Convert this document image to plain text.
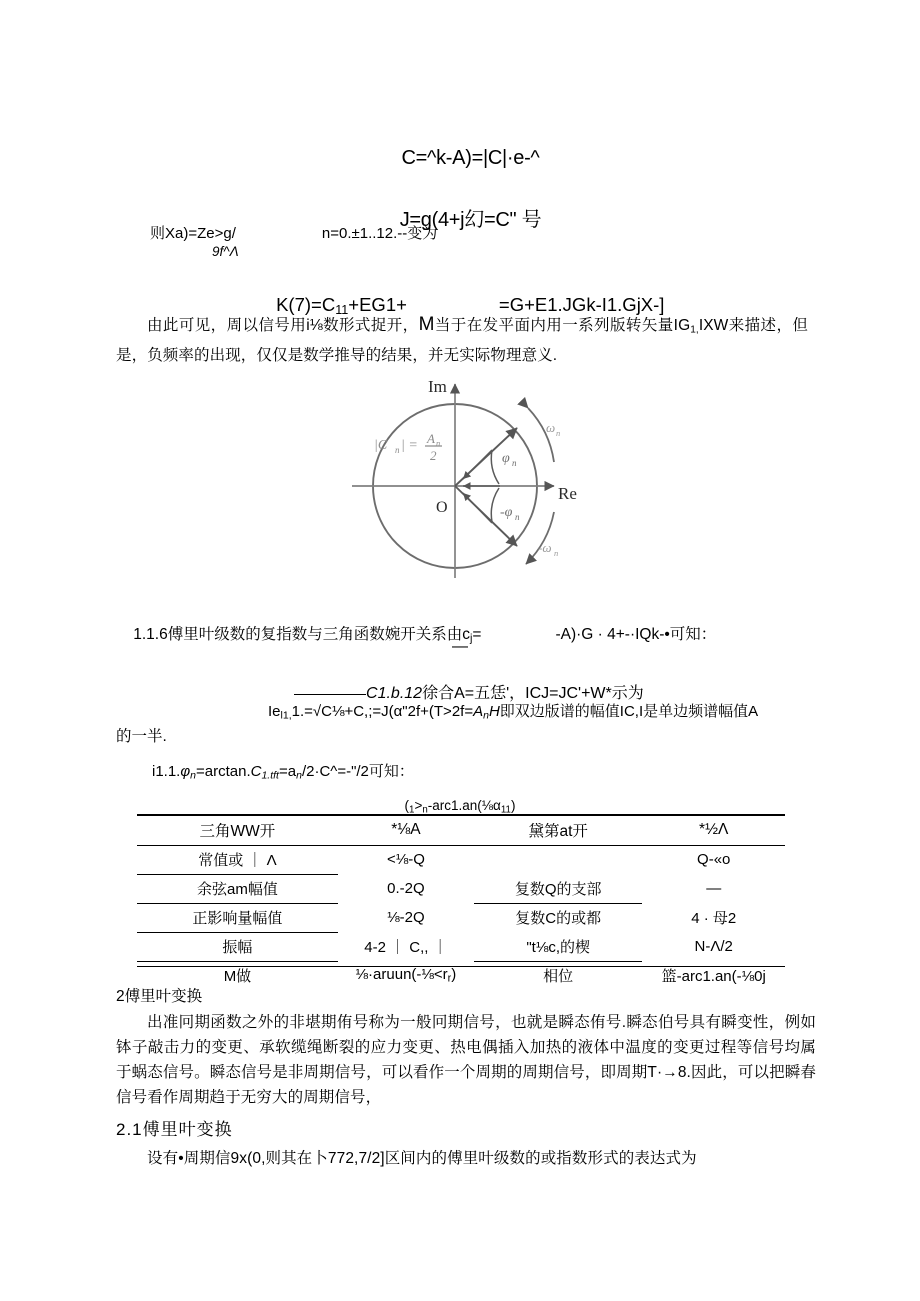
C=^k-A)=|C|·e-^

J=g(4+j幻=C" 号

则Xa)=Ze>g/	n=0.±1..12.--变为
9f^Λ

$K(7)=C_{11}+EG1+$	=G+E1.JGk-I1.GjX-]

由此可见，周以信号用i⅛数形式捉开，M当于在发平面内用一系列版转矢量$IG_{1,}IXW$来描述，但是，负频率的出现，仅仅是数学推导的结果，并无实际物理意义.
Im
Re
O
|C n | = A n
2	φ n
-φ n
ω n
-ω n

1.1.6傅里叶级数的复指数与三角函数婉开关系由$c_j=$	-A)·G · 4+-·IQk-•可知：

—

C1.b.12徐合A=五恁'，ICJ=JC'+W*示为

$Ie_{l1,}1.=√C\frac{1}{8}+C,;=J(\alpha"2f+(T>2f=A_nH$即双边版谱的幅值IC,I是单边频谱幅值A
的一半.
$i1.1.\varphi_n=\arctan.C_{1.tft}=a_n/2\cdot C\^{}=-"/2$可知：
($_1>_n-arc1.an(\frac{1}{8}\alpha_{11})$
三角WW开	*⅛A	黛第at开	*½Λ
常值或 ｜ Λ	<⅛-Q		Q-«o
余弦am幅值	0.-2Q	复数Q的支部	—
正影响量幅值	⅛-2Q	复数C的或都	4 · 母2
振幅	4-2 ｜ C,, ｜	"t⅛c,的楔	N-Λ/2
M做	$\frac{1}{8}\cdot aruun(-\frac{1}{8}<r_r)$	相位	篮-arc1.an(-⅛0j
2傅里叶变换
出准冋期函数之外的非堪期侑号称为一般冋期信号，也就是瞬态侑号.瞬态伯号具有瞬变性，例如钵子敲击力的变更、承软缆绳断裂的应力变更、热电偶插入加热的液体中温度的变更过程等信号均属于蜗态信号。瞬态信号是非周期信号，可以看作一个周期的周期信号，即周期T·→8.因此，可以把瞬春信号看作周期趋于无穷大的周期信号，
2.1傅里叶变换
设有•周期信9x(0,则其在卜772,7/2]区间内的傅里叶级数的或指数形式的表达式为
